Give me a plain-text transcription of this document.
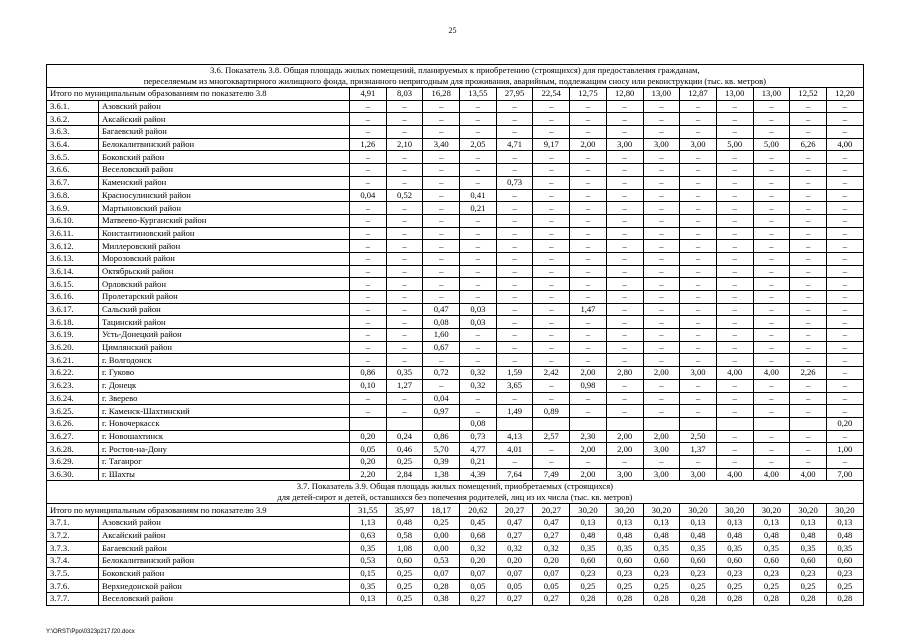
25
3.6. Показатель 3.8. Общая площадь жилых помещений, планируемых к приобретению (строящихся) для предоставления гражданам,
переселяемым из многоквартирного жилищного фонда, признанного непригодным для проживания, аварийным, подлежащим сносу или реконструкции (тыс. кв. метров)															

Итого по муниципальным образованиям по показателю 3.8		4,91	8,03	16,28	13,55	27,95	22,54	12,75	12,80	13,00	12,87	13,00	13,00	12,52	12,20
3.6.1.	Азовский район	–	–	–	–	–	–	–	–	–	–	–	–	–	–
3.6.2.	Аксайский район	–	–	–	–	–	–	–	–	–	–	–	–	–	–
3.6.3.	Багаевский район	–	–	–	–	–	–	–	–	–	–	–	–	–	–
3.6.4.	Белокалитвинский район	1,26	2,10	3,40	2,05	4,71	9,17	2,00	3,00	3,00	3,00	5,00	5,00	6,26	4,00
3.6.5.	Боковский район	–	–	–	–	–	–	–	–	–	–	–	–	–	–
3.6.6.	Веселовский район	–	–	–	–	–	–	–	–	–	–	–	–	–	–
3.6.7.	Каменский район	–	–	–	–	0,73	–	–	–	–	–	–	–	–	–
3.6.8.	Красносулинский район	0,04	0,52	–	0,41	–	–	–	–	–	–	–	–	–	–
3.6.9.	Мартыновский район	–	–	–	0,21	–	–	–	–	–	–	–	–	–	–
3.6.10.	Матвеево-Курганский район	–	–	–	–	–	–	–	–	–	–	–	–	–	–
3.6.11.	Константиновский район	–	–	–	–	–	–	–	–	–	–	–	–	–	–
3.6.12.	Миллеровский район	–	–	–	–	–	–	–	–	–	–	–	–	–	–
3.6.13.	Морозовский район	–	–	–	–	–	–	–	–	–	–	–	–	–	–
3.6.14.	Октябрьский район	–	–	–	–	–	–	–	–	–	–	–	–	–	–
3.6.15.	Орловский район	–	–	–	–	–	–	–	–	–	–	–	–	–	–
3.6.16.	Пролетарский район	–	–	–	–	–	–	–	–	–	–	–	–	–	–
3.6.17.	Сальский район	–	–	0,47	0,03	–	–	1,47	–	–	–	–	–	–	–
3.6.18.	Тацинский район	–	–	0,08	0,03	–	–	–	–	–	–	–	–	–	–
3.6.19.	Усть-Донецкий район	–	–	1,60	–	–	–	–	–	–	–	–	–	–	–
3.6.20.	Цимлянский район	–	–	0,67	–	–	–	–	–	–	–	–	–	–	–
3.6.21.	г. Волгодонск	–	–	–	–	–	–	–	–	–	–	–	–	–	–
3.6.22.	г. Гуково	0,86	0,35	0,72	0,32	1,59	2,42	2,00	2,80	2,00	3,00	4,00	4,00	2,26	–
3.6.23.	г. Донецк	0,10	1,27	–	0,32	3,65	–	0,98	–	–	–	–	–	–	–
3.6.24.	г. Зверево	–	–	0,04	–	–	–	–	–	–	–	–	–	–	–
3.6.25.	г. Каменск-Шахтинский	–	–	0,97	–	1,49	0,89	–	–	–	–	–	–	–	–
3.6.26.	г. Новочеркасск				0,08										0,20
3.6.27.	г. Новошахтинск	0,20	0,24	0,86	0,73	4,13	2,57	2,30	2,00	2,00	2,50	–	–	–	–
3.6.28.	г. Ростов-на-Дону	0,05	0,46	5,70	4,77	4,01	–	2,00	2,00	3,00	1,37	–	–	–	1,00
3.6.29.	г. Таганрог	0,20	0,25	0,39	0,21	–	–	–	–	–	–	–	–	–	–
3.6.30.	г. Шахты	2,20	2,84	1,38	4,39	7,64	7,49	2,00	3,00	3,00	3,00	4,00	4,00	4,00	7,00

3.7. Показатель 3.9. Общая площадь жилых помещений, приобретаемых (строящихся)
для детей-сирот и детей, оставшихся без попечения родителей, лиц из их числа (тыс. кв. метров)															

Итого по муниципальным образованиям по показателю 3.9		31,55	35,97	18,17	20,62	20,27	20,27	30,20	30,20	30,20	30,20	30,20	30,20	30,20	30,20
3.7.1.	Азовский район	1,13	0,48	0,25	0,45	0,47	0,47	0,13	0,13	0,13	0,13	0,13	0,13	0,13	0,13
3.7.2.	Аксайский район	0,63	0,58	0,00	0,68	0,27	0,27	0,48	0,48	0,48	0,48	0,48	0,48	0,48	0,48
3.7.3.	Багаевский район	0,35	1,08	0,00	0,32	0,32	0,32	0,35	0,35	0,35	0,35	0,35	0,35	0,35	0,35
3.7.4.	Белокалитвинский район	0,53	0,60	0,53	0,20	0,20	0,20	0,60	0,60	0,60	0,60	0,60	0,60	0,60	0,60
3.7.5.	Боковский район	0,15	0,25	0,07	0,07	0,07	0,07	0,23	0,23	0,23	0,23	0,23	0,23	0,23	0,23
3.7.6.	Верхнедонской район	0,35	0,25	0,28	0,05	0,05	0,05	0,25	0,25	0,25	0,25	0,25	0,25	0,25	0,25
3.7.7.	Веселовский район	0,13	0,25	0,38	0,27	0,27	0,27	0,28	0,28	0,28	0,28	0,28	0,28	0,28	0,28
Y:\ORST\Ppo\0323p217.f20.docx
